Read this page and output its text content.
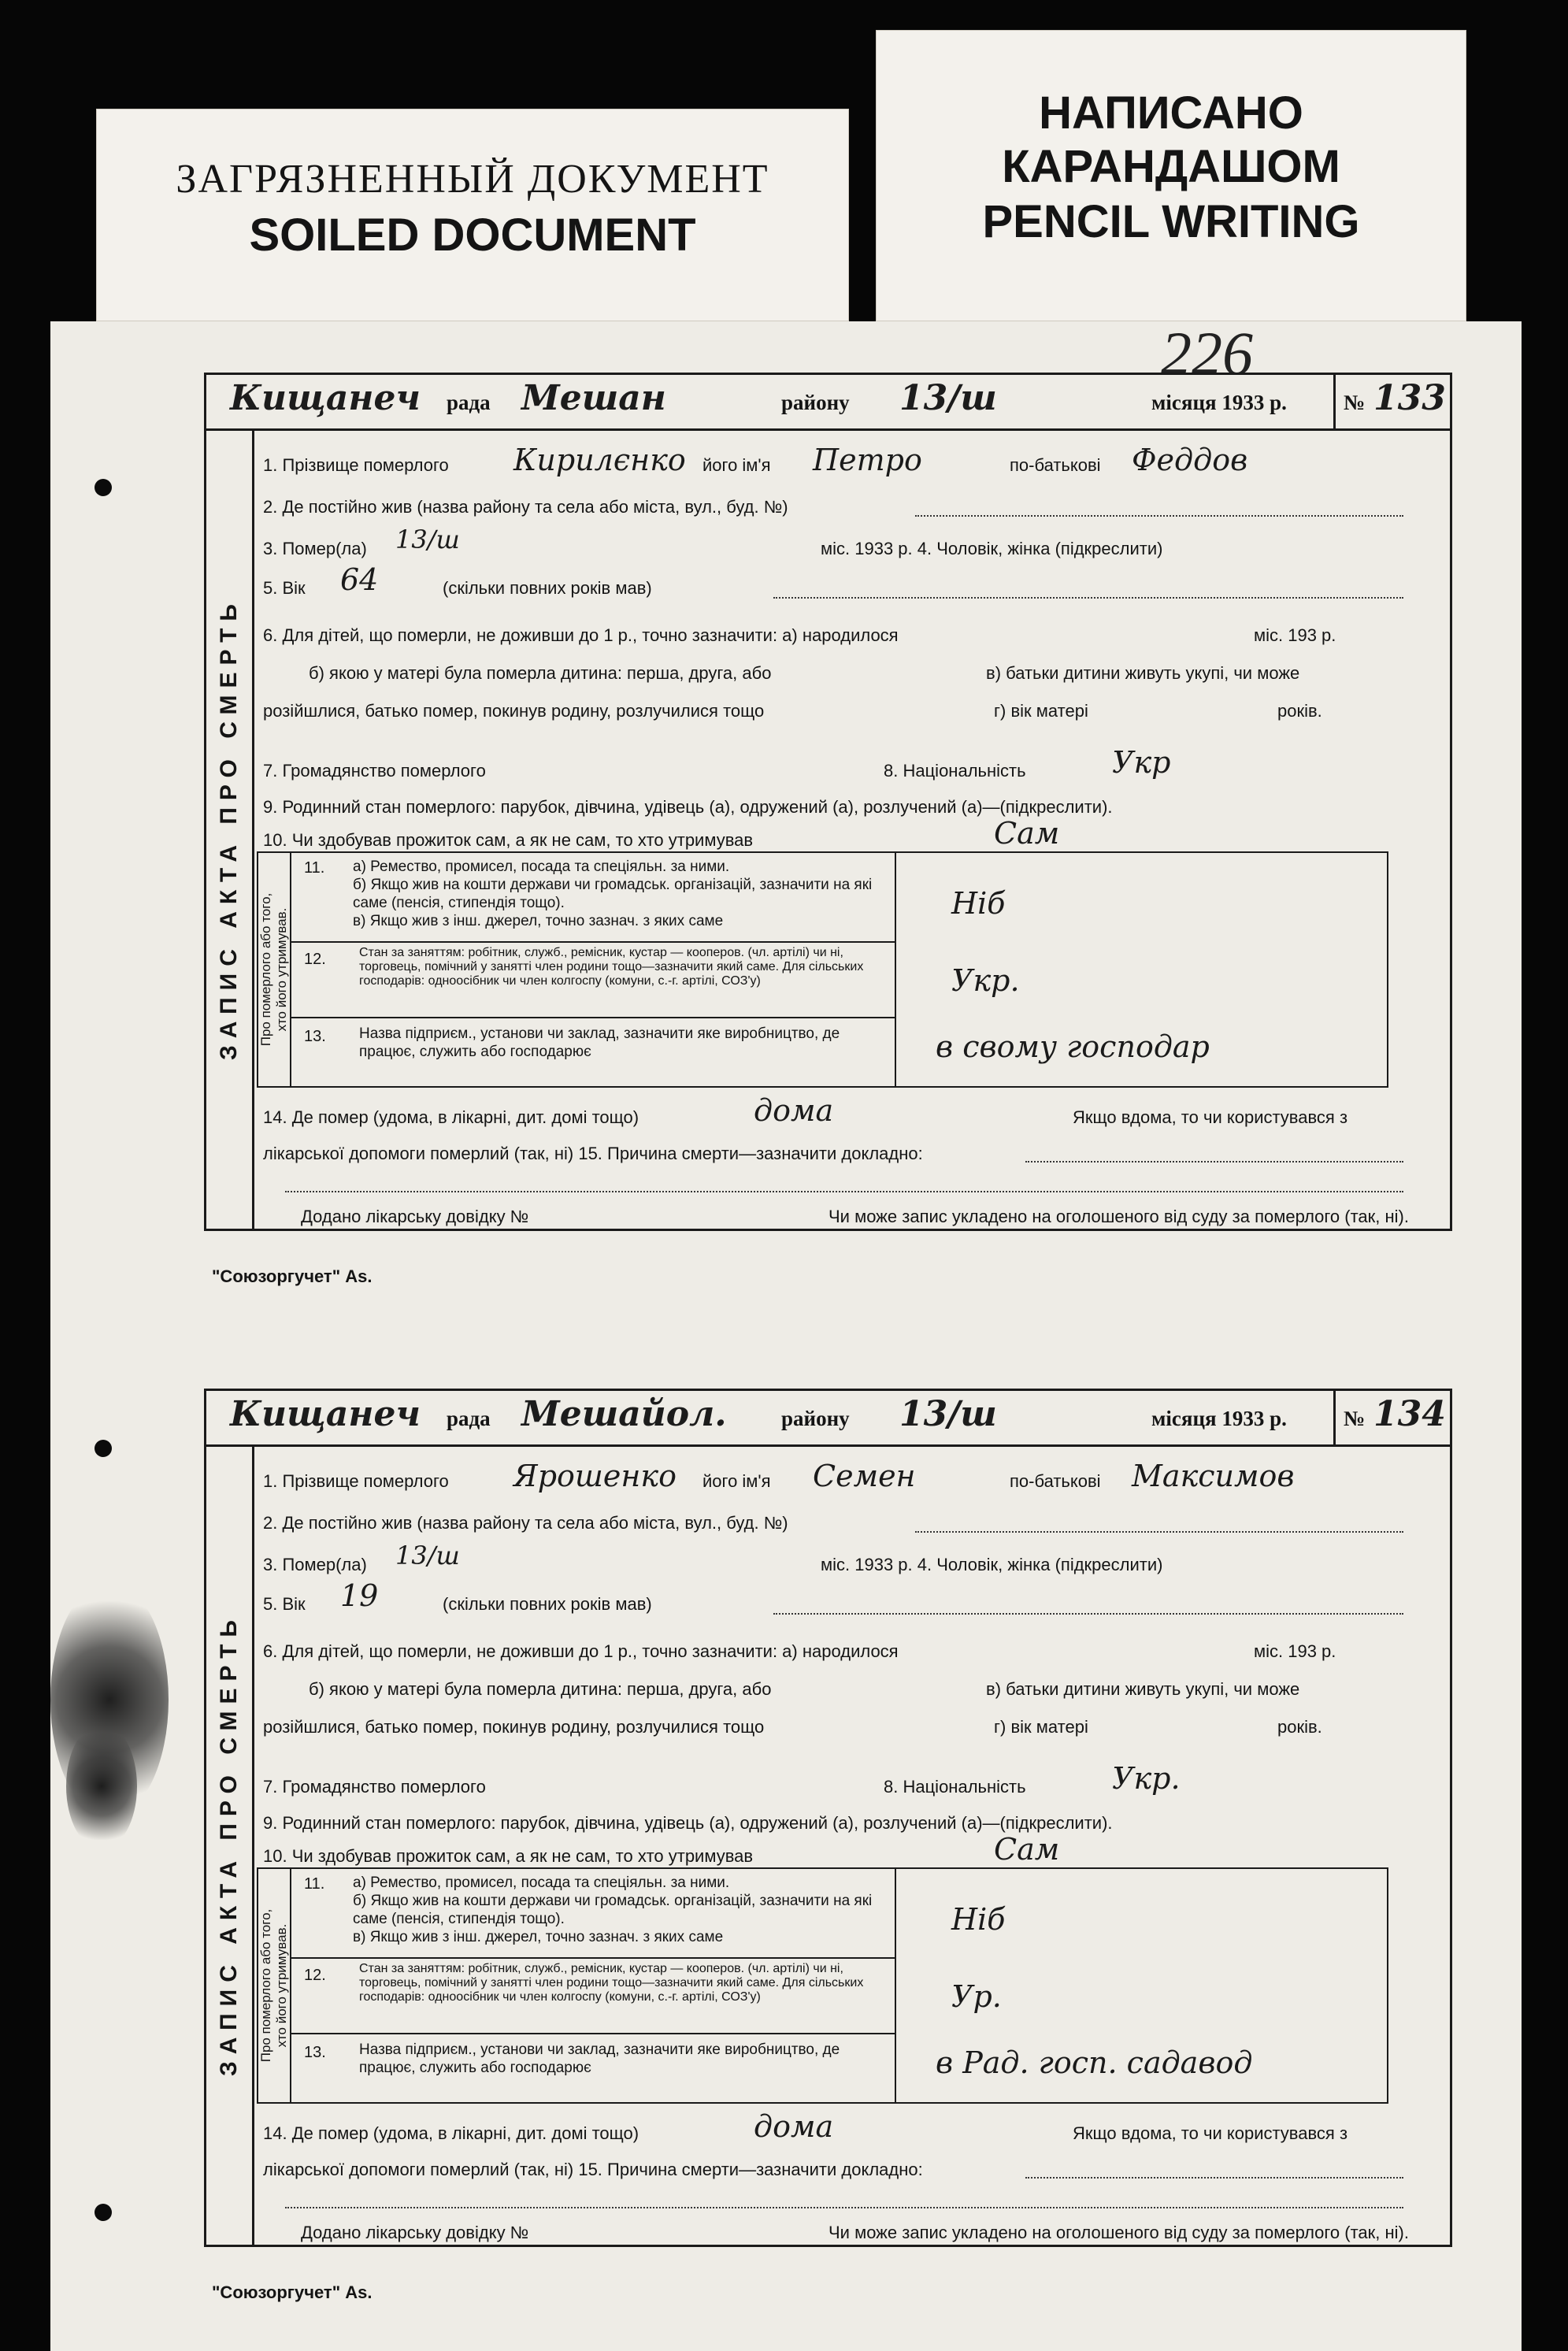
ЗАГРЯЗНЕННЫЙ ДОКУМЕНТ
SOILED DOCUMENT
НАПИСАНО
КАРАНДАШОМ
PENCIL WRITING
226
Кищанеч рада Мешан	району 13/ш	місяця 1933 р.	№ 133
ЗАПИС АКТА ПРО СМЕРТЬ
1. Прізвище померлого Кирилєнко його ім'я Петро	по-батькові Феддов
2. Де постійно жив (назва району та села або міста, вул., буд. №)
3. Помер(ла) 13/ш	міс. 1933 р. 4. Чоловік, жінка (підкреслити)
5. Вік 64	(скільки повних років мав)
6. Для дітей, що померли, не доживши до 1 р., точно зазначити: а) народилося	міс. 193 р.
б) якою у матері була померла дитина: перша, друга, або	в) батьки дитини живуть укупі, чи може
розійшлися, батько помер, покинув родину, розлучилися тощо	г) вік матері	років.
7. Громадянство померлого	8. Національність	Укр
9. Родинний стан померлого: парубок, дівчина, удівець (а), одружений (а), розлучений (а)—(підкреслити).
10. Чи здобував прожиток сам, а як не сам, то хто утримував	Сам
Про померлого або того,
хто його утримував.
11. а) Ремество, промисел, посада та спеціяльн. за ними.
б) Якщо жив на кошти держави чи громадськ. організацій, зазначити на які саме (пенсія, стипендія тощо).
в) Якщо жив з інш. джерел, точно зазнач. з яких саме
Ніб
12.	Стан за заняттям: робітник, служб., ремісник, кустар — кооперов. (чл. артілі) чи ні, торговець, помічний у занятті член родини тощо—зазначити який саме. Для сільських господарів: одноосібник чи член колгоспу (комуни, с.-г. артілі, СОЗ'у)	Укр.
13. Назва підприєм., установи чи заклад, зазначити яке виробництво, де працює, служить або господарює	в свому господар
14. Де помер (удома, в лікарні, дит. домі тощо)	дома	Якщо вдома, то чи користувався з
лікарської допомоги померлий (так, ні) 15. Причина смерти—зазначити докладно:
Додано лікарську довідку №	Чи може запис укладено на оголошеного від суду за померлого (так, ні).
"Союзоргучет" Аs.
Кищанеч рада Мешайол.	району 13/ш	місяця 1933 р.	№ 134
ЗАПИС АКТА ПРО СМЕРТЬ
1. Прізвище померлого Ярошенко його ім'я Семен	по-батькові Максимов
2. Де постійно жив (назва району та села або міста, вул., буд. №)
3. Помер(ла) 13/ш	міс. 1933 р. 4. Чоловік, жінка (підкреслити)
5. Вік 19	(скільки повних років мав)
6. Для дітей, що померли, не доживши до 1 р., точно зазначити: а) народилося	міс. 193 р.
б) якою у матері була померла дитина: перша, друга, або	в) батьки дитини живуть укупі, чи може
розійшлися, батько помер, покинув родину, розлучилися тощо	г) вік матері	років.
7. Громадянство померлого	8. Національність	Укр.
9. Родинний стан померлого: парубок, дівчина, удівець (а), одружений (а), розлучений (а)—(підкреслити).
10. Чи здобував прожиток сам, а як не сам, то хто утримував	Сам
Про померлого або того,
хто його утримував.
11. а) Ремество, промисел, посада та спеціяльн. за ними.
б) Якщо жив на кошти держави чи громадськ. організацій, зазначити на які саме (пенсія, стипендія тощо).
в) Якщо жив з інш. джерел, точно зазнач. з яких саме
Ніб
12.	Стан за заняттям: робітник, служб., ремісник, кустар — кооперов. (чл. артілі) чи ні, торговець, помічний у занятті член родини тощо—зазначити який саме. Для сільських господарів: одноосібник чи член колгоспу (комуни, с.-г. артілі, СОЗ'у)	Ур.
13. Назва підприєм., установи чи заклад, зазначити яке виробництво, де працює, служить або господарює	в Рад. госп. садавод
14. Де помер (удома, в лікарні, дит. домі тощо)	дома	Якщо вдома, то чи користувався з
лікарської допомоги померлий (так, ні) 15. Причина смерти—зазначити докладно:
Додано лікарську довідку №	Чи може запис укладено на оголошеного від суду за померлого (так, ні).
"Союзоргучет" Аs.
